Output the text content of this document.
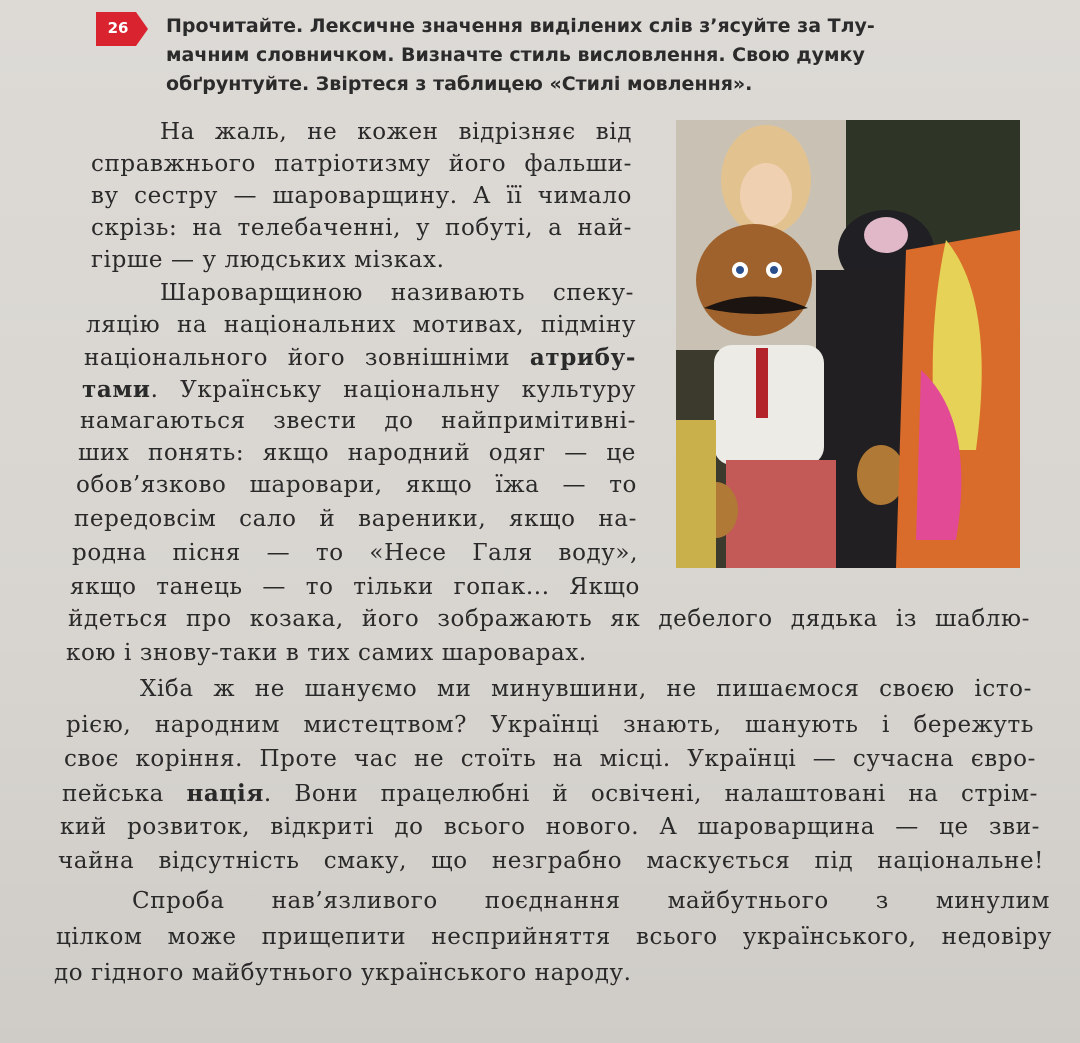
26 Прочитайте. Лексичне значення виділених слів з’ясуйте за Тлу-
мачним словничком. Визначте стиль висловлення. Свою думку
обґрунтуйте. Звіртеся з таблицею «Стилі мовлення».
На жаль, не кожен відрізняє від
справжнього патріотизму його фальши-
ву сестру — шароварщину. А її чимало
скрізь: на телебаченні, у побуті, а най-
гірше — у людських мізках.
Шароварщиною називають спеку-
ляцію на національних мотивах, підміну
національного його зовнішніми атрибу-
тами. Українську національну культуру
намагаються звести до найпримітивні-
ших понять: якщо народний одяг — це
обов’язково шаровари, якщо їжа — то
передовсім сало й вареники, якщо на-
родна пісня — то «Несе Галя воду»,
якщо танець — то тільки гопак... Якщо
йдеться про козака, його зображають як дебелого дядька із шаблю-
кою і знову-таки в тих самих шароварах.
Хіба ж не шануємо ми минувшини, не пишаємося своєю істо-
рією, народним мистецтвом? Українці знають, шанують і бережуть
своє коріння. Проте час не стоїть на місці. Українці — сучасна євро-
пейська нація. Вони працелюбні й освічені, налаштовані на стрім-
кий розвиток, відкриті до всього нового. А шароварщина — це зви-
чайна відсутність смаку, що незграбно маскується під національне!
Спроба нав’язливого поєднання майбутнього з минулим
цілком може прищепити несприйняття всього українського, недовіру
до гідного майбутнього українського народу.
